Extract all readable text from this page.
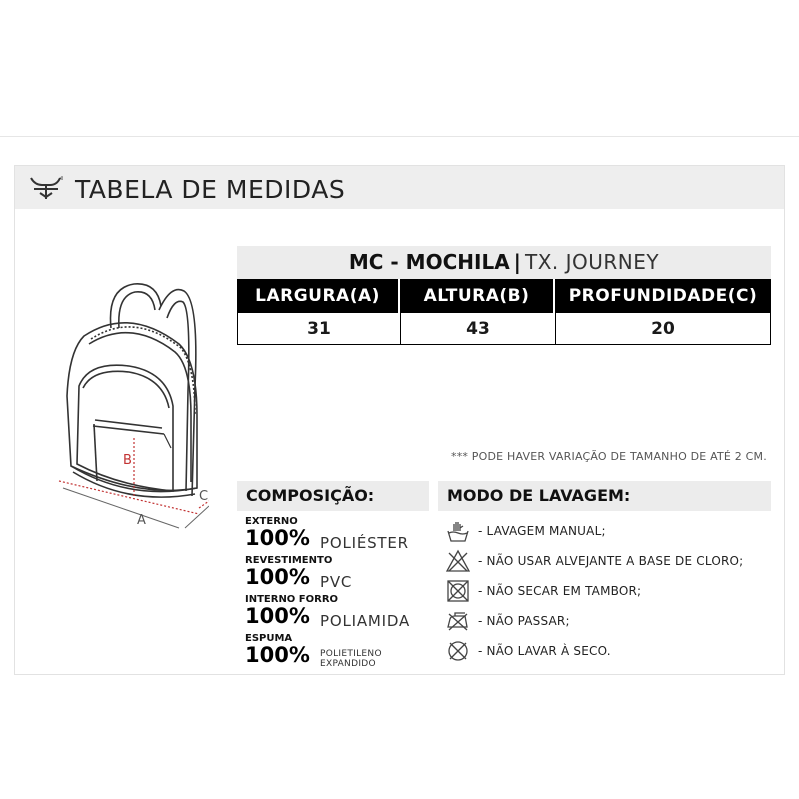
TABELA DE MEDIDAS
B
A
C
MC - MOCHILA | TX. JOURNEY
LARGURA(A)	ALTURA(B)	PROFUNDIDADE(C)
31	43	20
*** PODE HAVER VARIAÇÃO DE TAMANHO DE ATÉ 2 CM.
COMPOSIÇÃO:
EXTERNO
100% POLIÉSTER
REVESTIMENTO
100% PVC
INTERNO FORRO
100% POLIAMIDA
ESPUMA
100% POLIETILENO
EXPANDIDO
MODO DE LAVAGEM:
- LAVAGEM MANUAL;
- NÃO USAR ALVEJANTE A BASE DE CLORO;
- NÃO SECAR EM TAMBOR;
- NÃO PASSAR;
- NÃO LAVAR À SECO.
